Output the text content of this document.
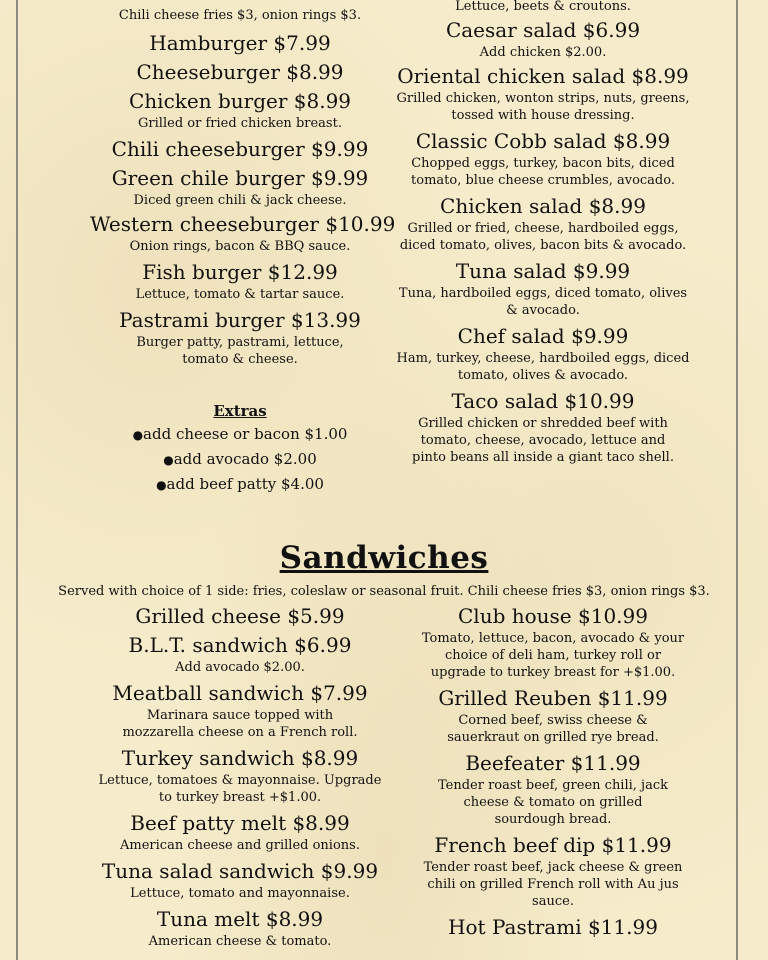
Chili cheese fries $3, onion rings $3.
Hamburger $7.99
Cheeseburger $8.99
Chicken burger $8.99
Grilled or fried chicken breast.
Chili cheeseburger $9.99
Green chile burger $9.99
Diced green chili & jack cheese.
Western cheeseburger $10.99
Onion rings, bacon & BBQ sauce.
Fish burger $12.99
Lettuce, tomato & tartar sauce.
Pastrami burger $13.99
Burger patty, pastrami, lettuce, tomato & cheese.
Extras
●add cheese or bacon $1.00
●add avocado $2.00
●add beef patty $4.00
Lettuce, beets & croutons.
Caesar salad $6.99
Add chicken $2.00.
Oriental chicken salad $8.99
Grilled chicken, wonton strips, nuts, greens, tossed with house dressing.
Classic Cobb salad $8.99
Chopped eggs, turkey, bacon bits, diced tomato, blue cheese crumbles, avocado.
Chicken salad $8.99
Grilled or fried, cheese, hardboiled eggs, diced tomato, olives, bacon bits & avocado.
Tuna salad $9.99
Tuna, hardboiled eggs, diced tomato, olives & avocado.
Chef salad $9.99
Ham, turkey, cheese, hardboiled eggs, diced tomato, olives & avocado.
Taco salad $10.99
Grilled chicken or shredded beef with tomato, cheese, avocado, lettuce and pinto beans all inside a giant taco shell.
Sandwiches
Served with choice of 1 side: fries, coleslaw or seasonal fruit. Chili cheese fries $3, onion rings $3.
Grilled cheese $5.99
B.L.T. sandwich $6.99
Add avocado $2.00.
Meatball sandwich $7.99
Marinara sauce topped with mozzarella cheese on a French roll.
Turkey sandwich $8.99
Lettuce, tomatoes & mayonnaise. Upgrade to turkey breast +$1.00.
Beef patty melt $8.99
American cheese and grilled onions.
Tuna salad sandwich $9.99
Lettuce, tomato and mayonnaise.
Tuna melt $8.99
American cheese & tomato.
Club house $10.99
Tomato, lettuce, bacon, avocado & your choice of deli ham, turkey roll or upgrade to turkey breast for +$1.00.
Grilled Reuben $11.99
Corned beef, swiss cheese & sauerkraut on grilled rye bread.
Beefeater $11.99
Tender roast beef, green chili, jack cheese & tomato on grilled sourdough bread.
French beef dip $11.99
Tender roast beef, jack cheese & green chili on grilled French roll with Au jus sauce.
Hot Pastrami $11.99
